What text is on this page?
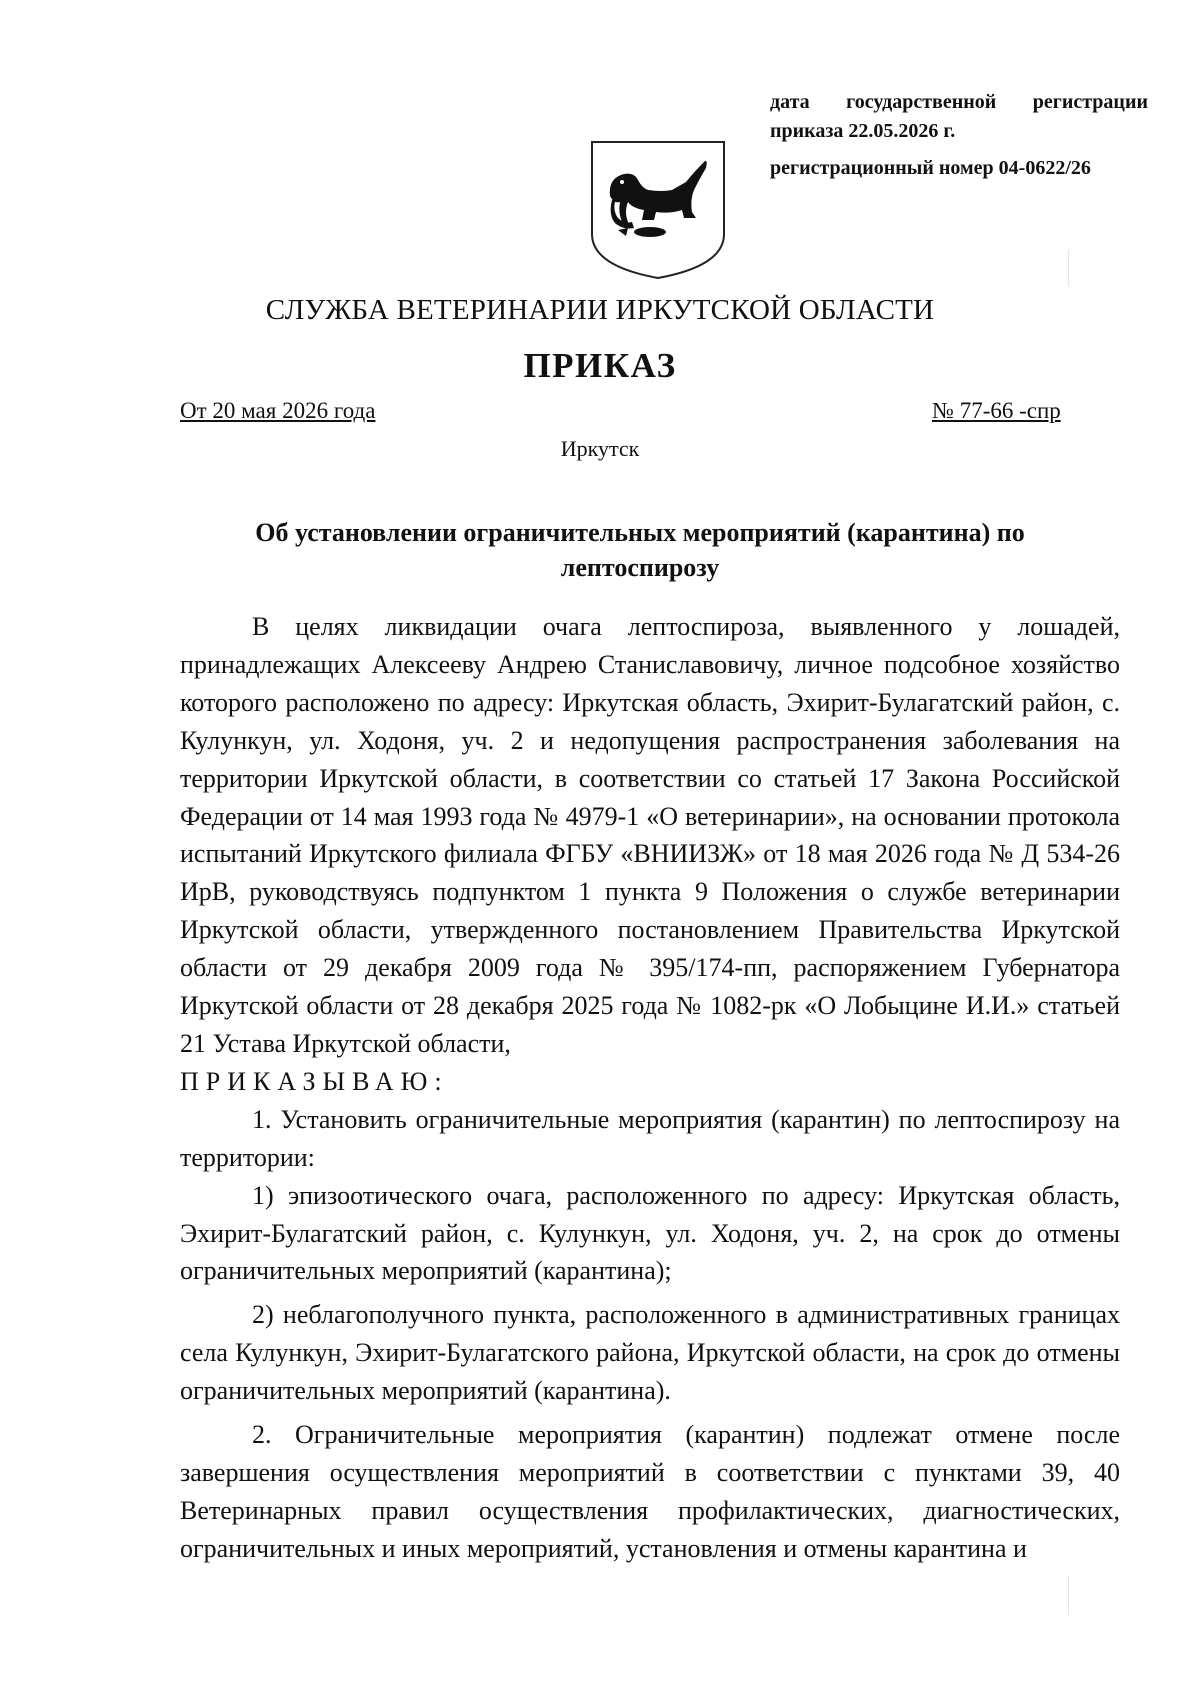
дата государственной регистрации
приказа 22.05.2026 г.
регистрационный номер 04-0622/26
СЛУЖБА ВЕТЕРИНАРИИ ИРКУТСКОЙ ОБЛАСТИ
ПРИКАЗ
От 20 мая 2026 года	№ 77-66 -спр
Иркутск
Об установлении ограничительных мероприятий (карантина) по
лептоспирозу

В целях ликвидации очага лептоспироза, выявленного у лошадей, принадлежащих Алексееву Андрею Станиславовичу, личное подсобное хозяйство которого расположено по адресу: Иркутская область, Эхирит-Булагатский район, с. Кулункун, ул. Ходоня, уч. 2 и недопущения распространения заболевания на территории Иркутской области, в соответствии со статьей 17 Закона Российской Федерации от 14 мая 1993 года № 4979-1 «О ветеринарии», на основании протокола испытаний Иркутского филиала ФГБУ «ВНИИЗЖ» от 18 мая 2026 года № Д 534-26 ИрВ, руководствуясь подпунктом 1 пункта 9 Положения о службе ветеринарии Иркутской области, утвержденного постановлением Правительства Иркутской области от 29 декабря 2009 года № 395/174-пп, распоряжением Губернатора Иркутской области от 28 декабря 2025 года № 1082-рк «О Лобыцине И.И.» статьей 21 Устава Иркутской области,

ПРИКАЗЫВАЮ:

1. Установить ограничительные мероприятия (карантин) по лептоспирозу на территории:

1) эпизоотического очага, расположенного по адресу: Иркутская область, Эхирит-Булагатский район, с. Кулункун, ул. Ходоня, уч. 2, на срок до отмены ограничительных мероприятий (карантина);

2) неблагополучного пункта, расположенного в административных границах села Кулункун, Эхирит-Булагатского района, Иркутской области, на срок до отмены ограничительных мероприятий (карантина).

2. Ограничительные мероприятия (карантин) подлежат отмене после завершения осуществления мероприятий в соответствии с пунктами 39, 40 Ветеринарных правил осуществления профилактических, диагностических, ограничительных и иных мероприятий, установления и отмены карантина и
